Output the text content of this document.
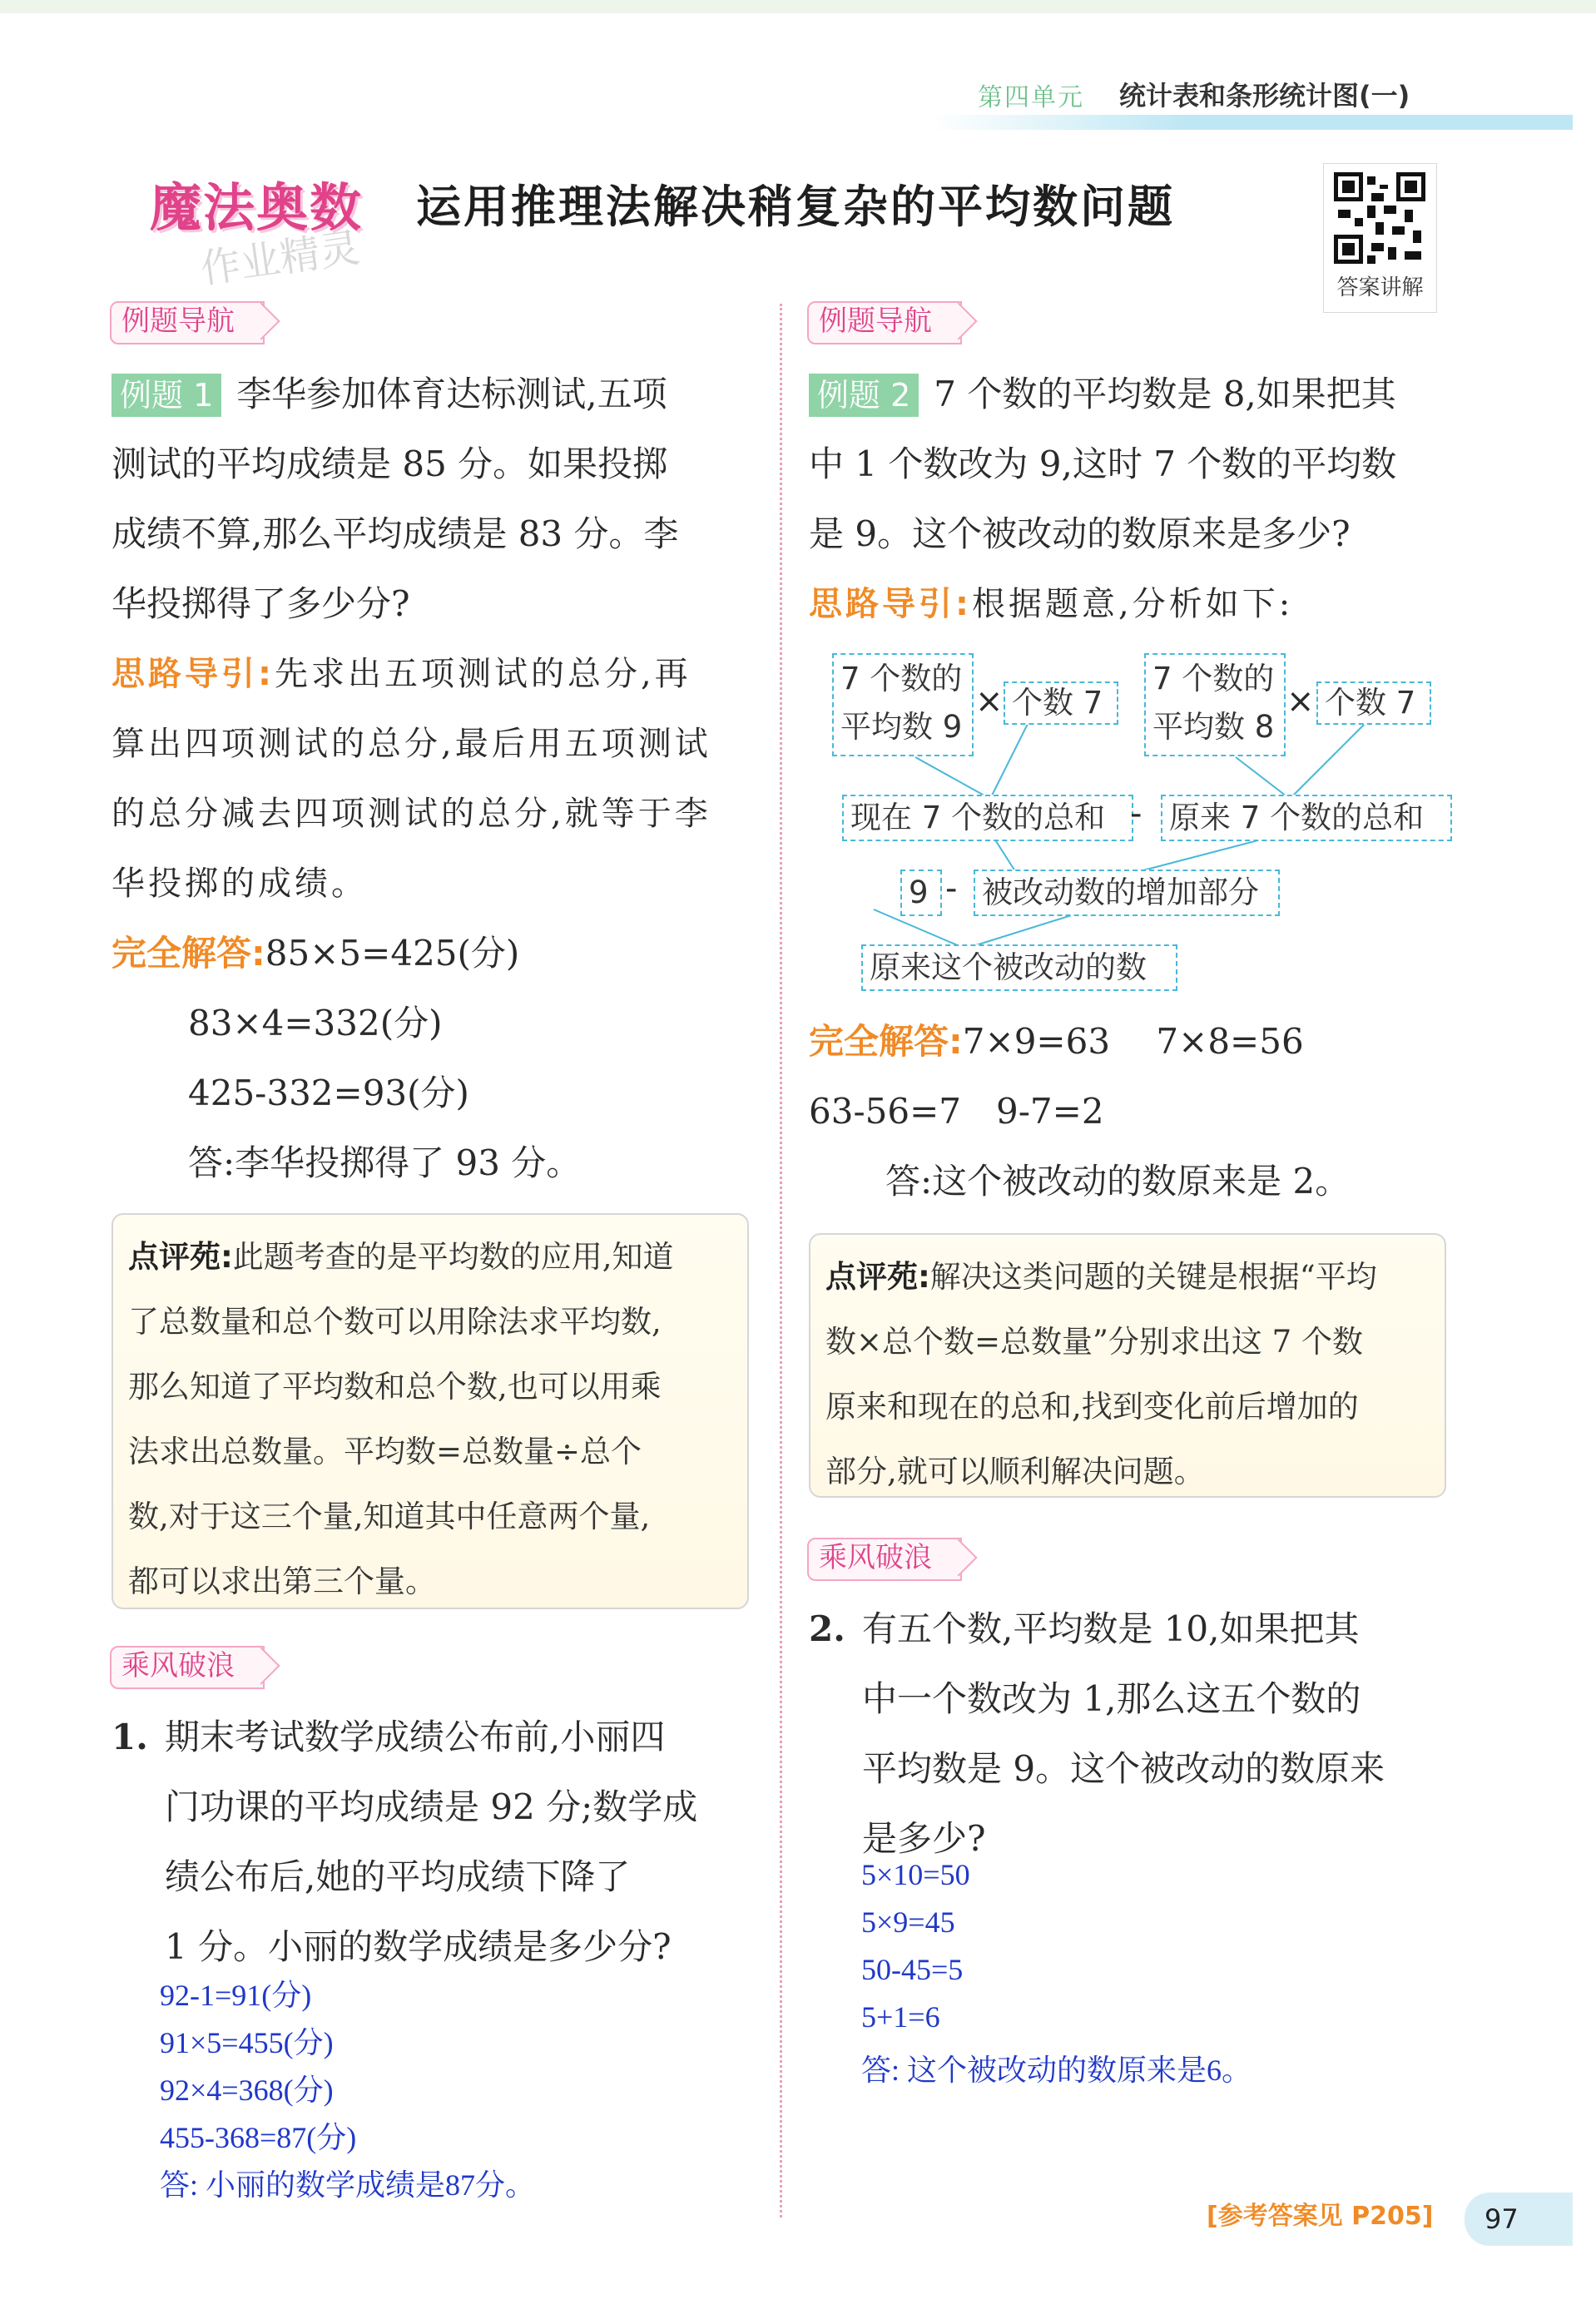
第四单元 统计表和条形统计图(一)
魔法奥数
作业精灵
运用推理法解决稍复杂的平均数问题
答案讲解
例题导航
例题 1 李华参加体育达标测试,五项
测试的平均成绩是 85 分。如果投掷
成绩不算,那么平均成绩是 83 分。李
华投掷得了多少分?
思路导引:先求出五项测试的总分,再
算出四项测试的总分,最后用五项测试
的总分减去四项测试的总分,就等于李
华投掷的成绩。
完全解答:85×5=425(分)
83×4=332(分)
425-332=93(分)
答:李华投掷得了 93 分。
点评苑:此题考查的是平均数的应用,知道
了总数量和总个数可以用除法求平均数,
那么知道了平均数和总个数,也可以用乘
法求出总数量。平均数=总数量÷总个
数,对于这三个量,知道其中任意两个量,
都可以求出第三个量。
乘风破浪
1. 期末考试数学成绩公布前,小丽四
门功课的平均成绩是 92 分;数学成
绩公布后,她的平均成绩下降了
1 分。小丽的数学成绩是多少分?
92-1=91(分)
91×5=455(分)
92×4=368(分)
455-368=87(分)
答: 小丽的数学成绩是87分。
例题导航
例题 2 7 个数的平均数是 8,如果把其
中 1 个数改为 9,这时 7 个数的平均数
是 9。这个被改动的数原来是多少?
思路导引:根据题意,分析如下:
7 个数的
平均数 9
× 个数 7
7 个数的
平均数 8
× 个数 7
现在 7 个数的总和 - 原来 7 个数的总和
9 - 被改动数的增加部分
原来这个被改动的数
完全解答:7×9=63　 7×8=56
63-56=7　9-7=2
答:这个被改动的数原来是 2。
点评苑:解决这类问题的关键是根据“平均
数×总个数=总数量”分别求出这 7 个数
原来和现在的总和,找到变化前后增加的
部分,就可以顺利解决问题。
乘风破浪
2. 有五个数,平均数是 10,如果把其
中一个数改为 1,那么这五个数的
平均数是 9。这个被改动的数原来
是多少?
5×10=50
5×9=45
50-45=5
5+1=6
答: 这个被改动的数原来是6。
[参考答案见 P205]	97
